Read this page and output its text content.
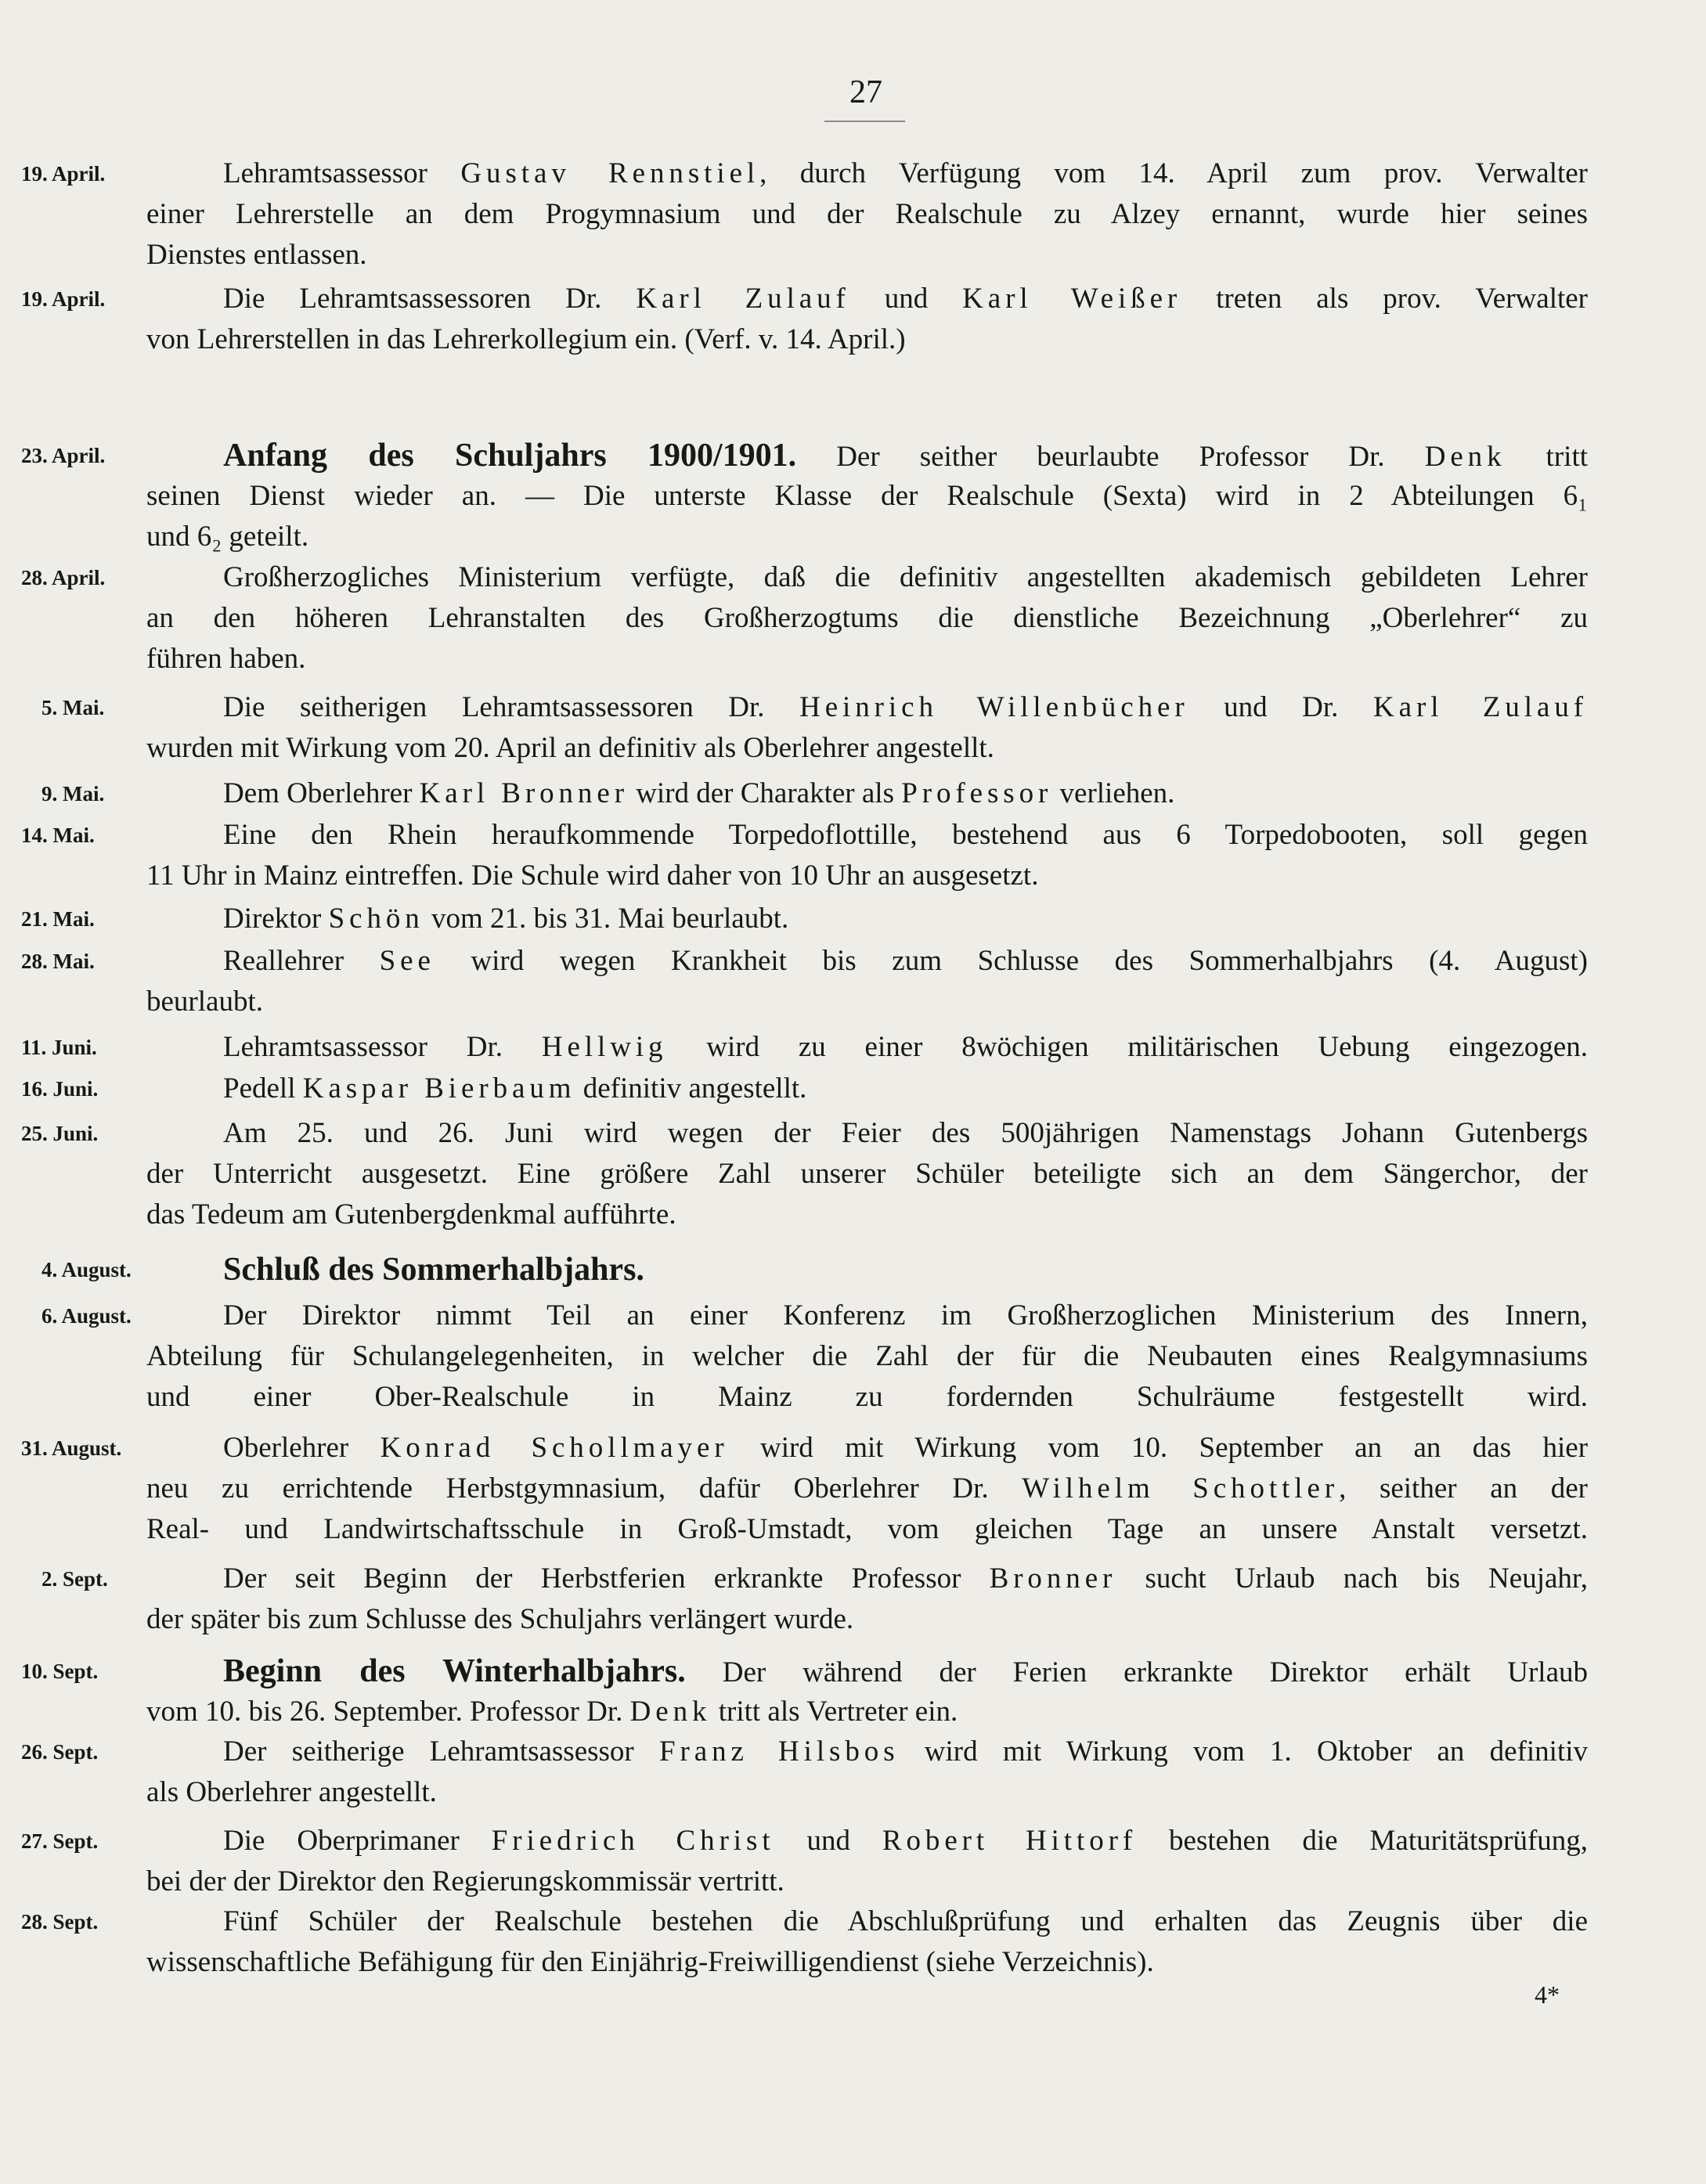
27
19. April.	Lehramtsassessor Gustav Rennstiel, durch Verfügung vom 14. April zum prov. Verwalter
einer Lehrerstelle an dem Progymnasium und der Realschule zu Alzey ernannt, wurde hier seines
Dienstes entlassen.
19. April.	Die Lehramtsassessoren Dr. Karl Zulauf und Karl Weißer treten als prov. Verwalter
von Lehrerstellen in das Lehrerkollegium ein. (Verf. v. 14. April.)
23. April.	Anfang des Schuljahrs 1900/1901. Der seither beurlaubte Professor Dr. Denk tritt
seinen Dienst wieder an. — Die unterste Klasse der Realschule (Sexta) wird in 2 Abteilungen 6₁
und 6₂ geteilt.
28. April.	Großherzogliches Ministerium verfügte, daß die definitiv angestellten akademisch gebildeten Lehrer
an den höheren Lehranstalten des Großherzogtums die dienstliche Bezeichnung „Oberlehrer“ zu
führen haben.
5. Mai.	Die seitherigen Lehramtsassessoren Dr. Heinrich Willenbücher und Dr. Karl Zulauf
wurden mit Wirkung vom 20. April an definitiv als Oberlehrer angestellt.
9. Mai.	Dem Oberlehrer Karl Bronner wird der Charakter als Professor verliehen.
14. Mai.	Eine den Rhein heraufkommende Torpedoflottille, bestehend aus 6 Torpedobooten, soll gegen
11 Uhr in Mainz eintreffen. Die Schule wird daher von 10 Uhr an ausgesetzt.
21. Mai.	Direktor Schön vom 21. bis 31. Mai beurlaubt.
28. Mai.	Reallehrer See wird wegen Krankheit bis zum Schlusse des Sommerhalbjahrs (4. August)
beurlaubt.
11. Juni.	Lehramtsassessor Dr. Hellwig wird zu einer 8wöchigen militärischen Uebung eingezogen.
16. Juni.	Pedell Kaspar Bierbaum definitiv angestellt.
25. Juni.	Am 25. und 26. Juni wird wegen der Feier des 500jährigen Namenstags Johann Gutenbergs
der Unterricht ausgesetzt. Eine größere Zahl unserer Schüler beteiligte sich an dem Sängerchor, der
das Tedeum am Gutenbergdenkmal aufführte.
4. August.	Schluß des Sommerhalbjahrs.
6. August.	Der Direktor nimmt Teil an einer Konferenz im Großherzoglichen Ministerium des Innern,
Abteilung für Schulangelegenheiten, in welcher die Zahl der für die Neubauten eines Realgymnasiums
und einer Ober-Realschule in Mainz zu fordernden Schulräume festgestellt wird.
31. August.	Oberlehrer Konrad Schollmayer wird mit Wirkung vom 10. September an an das hier
neu zu errichtende Herbstgymnasium, dafür Oberlehrer Dr. Wilhelm Schottler, seither an der
Real- und Landwirtschaftsschule in Groß-Umstadt, vom gleichen Tage an unsere Anstalt versetzt.
2. Sept.	Der seit Beginn der Herbstferien erkrankte Professor Bronner sucht Urlaub nach bis Neujahr,
der später bis zum Schlusse des Schuljahrs verlängert wurde.
10. Sept.	Beginn des Winterhalbjahrs. Der während der Ferien erkrankte Direktor erhält Urlaub
vom 10. bis 26. September. Professor Dr. Denk tritt als Vertreter ein.
26. Sept.	Der seitherige Lehramtsassessor Franz Hilsbos wird mit Wirkung vom 1. Oktober an definitiv
als Oberlehrer angestellt.
27. Sept.	Die Oberprimaner Friedrich Christ und Robert Hittorf bestehen die Maturitätsprüfung,
bei der der Direktor den Regierungskommissär vertritt.
28. Sept.	Fünf Schüler der Realschule bestehen die Abschlußprüfung und erhalten das Zeugnis über die
wissenschaftliche Befähigung für den Einjährig-Freiwilligendienst (siehe Verzeichnis).
4*
